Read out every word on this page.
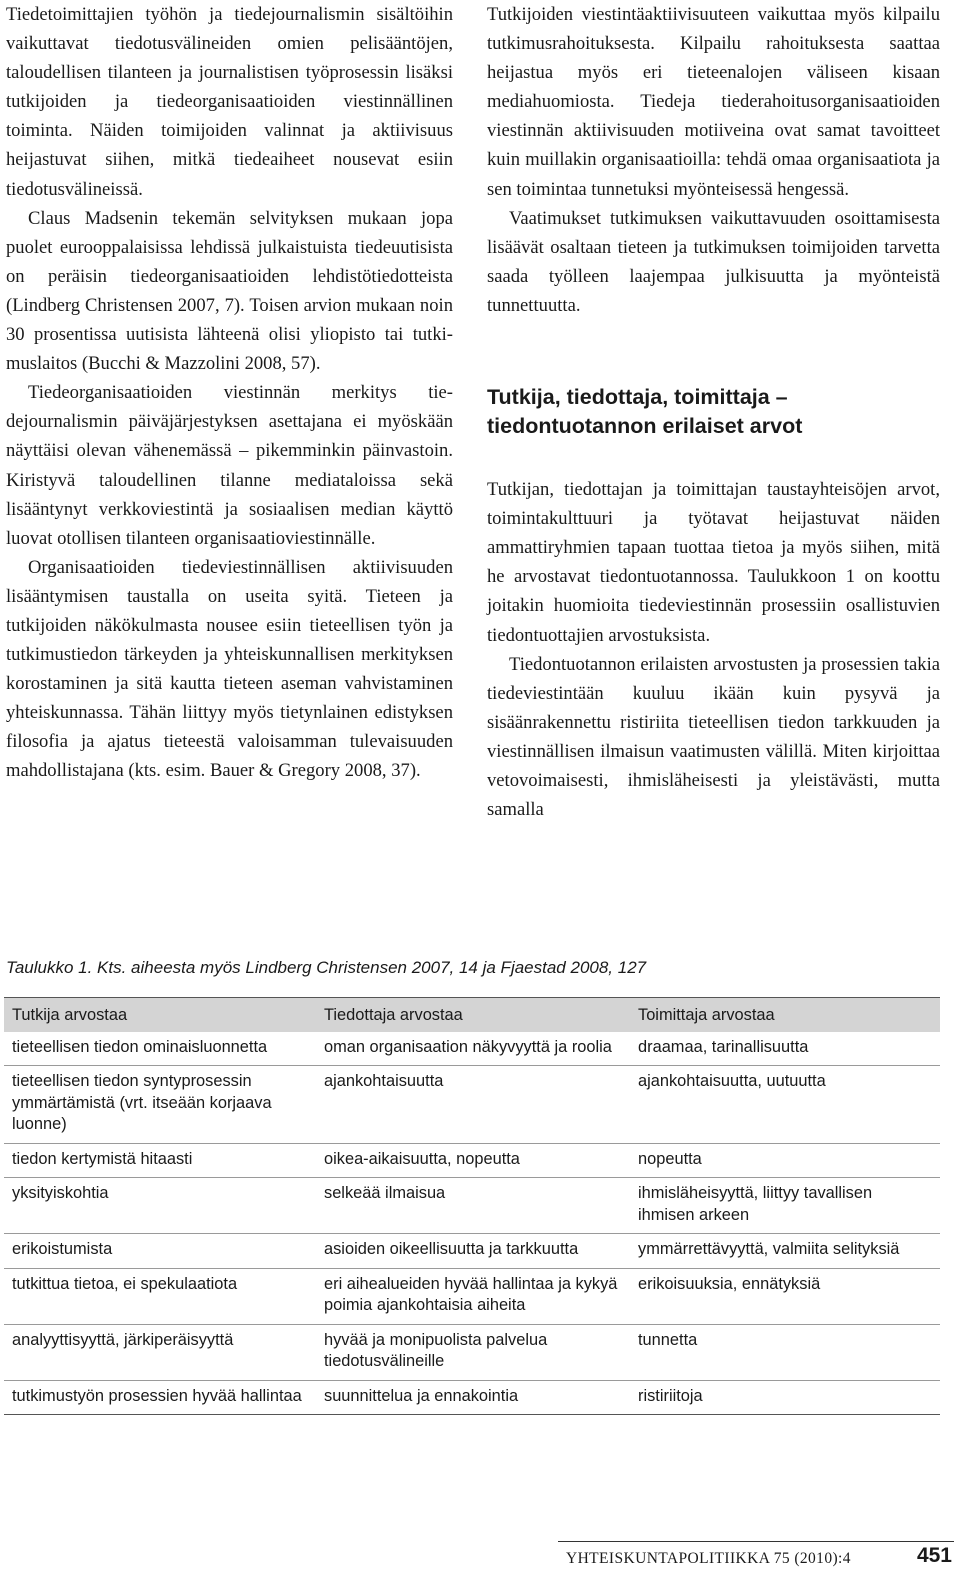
Tiedetoimittajien työhön ja tiedejournalismin sisältöihin vaikuttavat tiedotusvälineiden omien pelisääntöjen, taloudellisen tilanteen ja journalistisen työprosessin lisäksi tutkijoiden ja tiedeorganisaatioiden viestinnällinen toiminta. Näiden toimijoiden valinnat ja aktiivisuus heijastuvat siihen, mitkä tiedeaiheet nousevat esiin tiedotusvälineissä.

Claus Madsenin tekemän selvityksen mukaan jopa puolet eurooppalaisissa lehdissä julkaistuista tiedeuutisista on peräisin tiedeorganisaatioiden lehdistötiedotteista (Lindberg Christensen 2007, 7). Toisen arvion mukaan noin 30 prosentissa uutisista lähteenä olisi yliopisto tai tutkimuslaitos (Bucchi & Mazzolini 2008, 57).

Tiedeorganisaatioiden viestinnän merkitys tiedejournalismin päiväjärjestyksen asettajana ei myöskään näyttäisi olevan vähenemässä – pikemminkin päinvastoin. Kiristyvä taloudellinen tilanne mediataloissa sekä lisääntynyt verkkoviestintä ja sosiaalisen median käyttö luovat otollisen tilanteen organisaatioviestinnälle.

Organisaatioiden tiedeviestinnällisen aktiivisuuden lisääntymisen taustalla on useita syitä. Tieteen ja tutkijoiden näkökulmasta nousee esiin tieteellisen työn ja tutkimustiedon tärkeyden ja yhteiskunnallisen merkityksen korostaminen ja sitä kautta tieteen aseman vahvistaminen yhteiskunnassa. Tähän liittyy myös tietynlainen edistyksen filosofia ja ajatus tieteestä valoisamman tulevaisuuden mahdollistajana (kts. esim. Bauer & Gregory 2008, 37).

Tutkijoiden viestintäaktiivisuuteen vaikuttaa myös kilpailu tutkimusrahoituksesta. Kilpailu rahoituksesta saattaa heijastua myös eri tieteenalojen väliseen kisaan mediahuomiosta. Tiedeja tiederahoitusorganisaatioiden viestinnän aktiivisuuden motiiveina ovat samat tavoitteet kuin muillakin organisaatioilla: tehdä omaa organisaatiota ja sen toimintaa tunnetuksi myönteisessä hengessä.

Vaatimukset tutkimuksen vaikuttavuuden osoittamisesta lisäävät osaltaan tieteen ja tutkimuksen toimijoiden tarvetta saada työlleen laajempaa julkisuutta ja myönteistä tunnettuutta.

Tutkija, tiedottaja, toimittaja –
tiedontuotannon erilaiset arvot

Tutkijan, tiedottajan ja toimittajan taustayhteisöjen arvot, toimintakulttuuri ja työtavat heijastuvat näiden ammattiryhmien tapaan tuottaa tietoa ja myös siihen, mitä he arvostavat tiedontuotannossa. Taulukkoon 1 on koottu joitakin huomioita tiedeviestinnän prosessiin osallistuvien tiedontuottajien arvostuksista.

Tiedontuotannon erilaisten arvostusten ja prosessien takia tiedeviestintään kuuluu ikään kuin pysyvä ja sisäänrakennettu ristiriita tieteellisen tiedon tarkkuuden ja viestinnällisen ilmaisun vaatimusten välillä. Miten kirjoittaa vetovoimaisesti, ihmisläheisesti ja yleistävästi, mutta samalla

Taulukko 1. Kts. aiheesta myös Lindberg Christensen 2007, 14 ja Fjaestad 2008, 127

Tutkija arvostaa	Tiedottaja arvostaa	Toimittaja arvostaa
tieteellisen tiedon ominaisluonnetta	oman organisaation näkyvyyttä ja roolia	draamaa, tarinallisuutta
tieteellisen tiedon syntyprosessin ymmärtämistä (vrt. itseään korjaava luonne)	ajankohtaisuutta	ajankohtaisuutta, uutuutta
tiedon kertymistä hitaasti	oikea-aikaisuutta, nopeutta	nopeutta
yksityiskohtia	selkeää ilmaisua	ihmisläheisyyttä, liittyy tavallisen ihmisen arkeen
erikoistumista	asioiden oikeellisuutta ja tarkkuutta	ymmärrettävyyttä, valmiita selityksiä
tutkittua tietoa, ei spekulaatiota	eri aihealueiden hyvää hallintaa ja kykyä poimia ajankohtaisia aiheita	erikoisuuksia, ennätyksiä
analyyttisyyttä, järkiperäisyyttä	hyvää ja monipuolista palvelua tiedotusvälineille	tunnetta
tutkimustyön prosessien hyvää hallintaa	suunnittelua ja ennakointia	ristiriitoja
YHTEISKUNTAPOLITIIKKA 75 (2010):4	451
